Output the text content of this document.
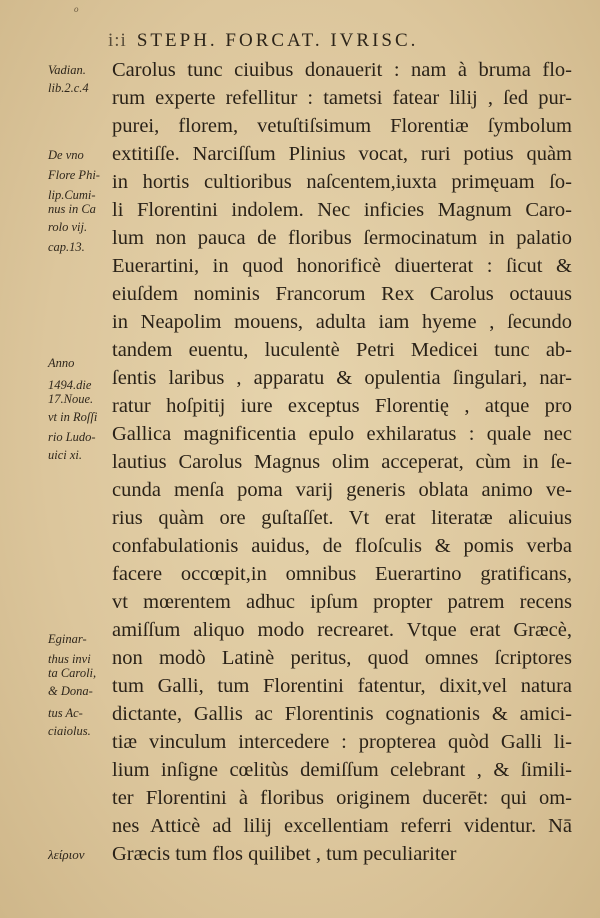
o
i:i STEPH. FORCAT. IVRISC.
Carolus tunc ciuibus donauerit : nam à bruma flo-
rum experte refellitur : tametsi fatear lilij , ſed pur-
purei, florem, vetuſtiſsimum Florentiæ ſymbolum
extitiſſe. Narciſſum Plinius vocat, ruri potius quàm
in hortis cultioribus naſcentem,iuxta primęuam ſo-
li Florentini indolem. Nec inficies Magnum Caro-
lum non pauca de floribus ſermocinatum in palatio
Euerartini, in quod honorificè diuerterat : ſicut &
eiuſdem nominis Francorum Rex Carolus octauus
in Neapolim mouens, adulta iam hyeme , ſecundo
tandem euentu, luculentè Petri Medicei tunc ab-
ſentis laribus , apparatu & opulentia ſingulari, nar-
ratur hoſpitij iure exceptus Florentię , atque pro
Gallica magnificentia epulo exhilaratus : quale nec
lautius Carolus Magnus olim acceperat, cùm in ſe-
cunda menſa poma varij generis oblata animo ve-
rius quàm ore guſtaſſet. Vt erat literatæ alicuius
confabulationis auidus, de floſculis & pomis verba
facere occœpit,in omnibus Euerartino gratificans,
vt mœrentem adhuc ipſum propter patrem recens
amiſſum aliquo modo recrearet. Vtque erat Græcè,
non modò Latinè peritus, quod omnes ſcriptores
tum Galli, tum Florentini fatentur, dixit,vel natura
dictante, Gallis ac Florentinis cognationis & amici-
tiæ vinculum intercedere : propterea quòd Galli li-
lium inſigne cœlitùs demiſſum celebrant , & ſimili-
ter Florentini à floribus originem ducerēt: qui om-
nes Atticè ad lilij excellentiam referri videntur. Nā
Græcis tum flos quilibet , tum peculiariter
Vadian.
lib.2.c.4
De vno
Flore Phi-
lip.Cumi-
nus in Ca
rolo vij.
cap.13.
Anno
1494.die
17.Noue.
vt in Roſſi
rio Ludo-
uici xi.
Eginar-
thus invi
ta Caroli,
& Dona-
tus Ac-
ciaiolus.
λείριον
